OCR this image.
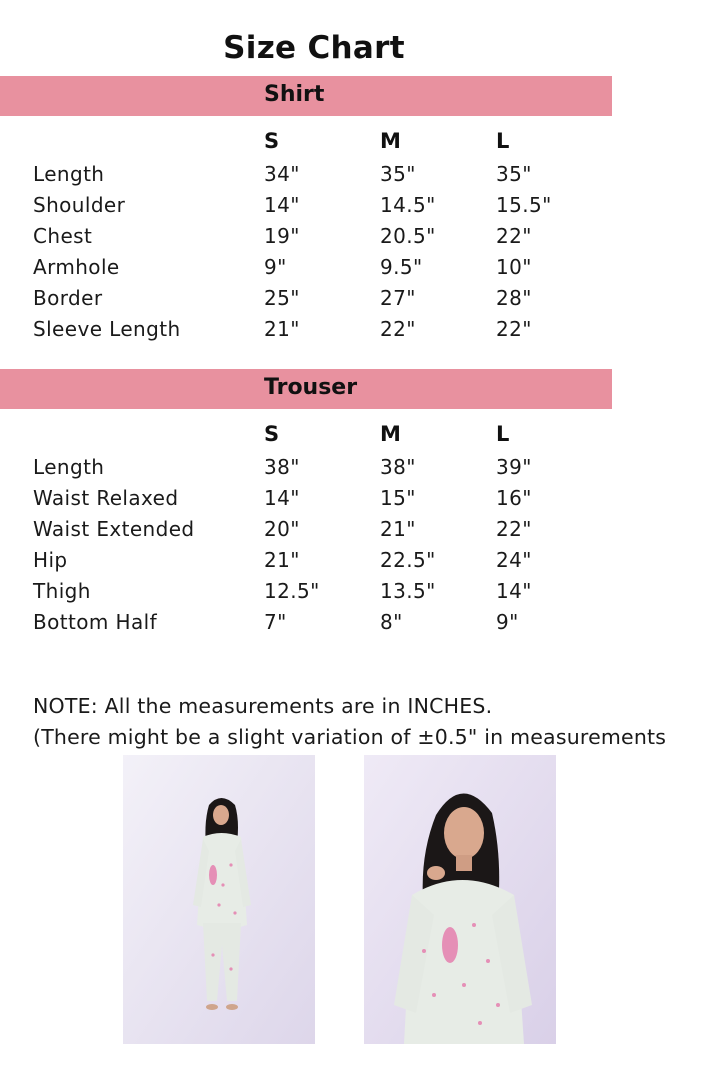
Size Chart
Shirt
S	M	L
Length	34"	35"	35"
Shoulder	14"	14.5"	15.5"
Chest	19"	20.5"	22"
Armhole	9"	9.5"	10"
Border	25"	27"	28"
Sleeve Length	21"	22"	22"
Trouser
S	M	L
Length	38"	38"	39"
Waist Relaxed	14"	15"	16"
Waist Extended	20"	21"	22"
Hip	21"	22.5"	24"
Thigh	12.5"	13.5"	14"
Bottom Half	7"	8"	9"
NOTE: All the measurements are in INCHES.
(There might be a slight variation of ±0.5" in measurements
